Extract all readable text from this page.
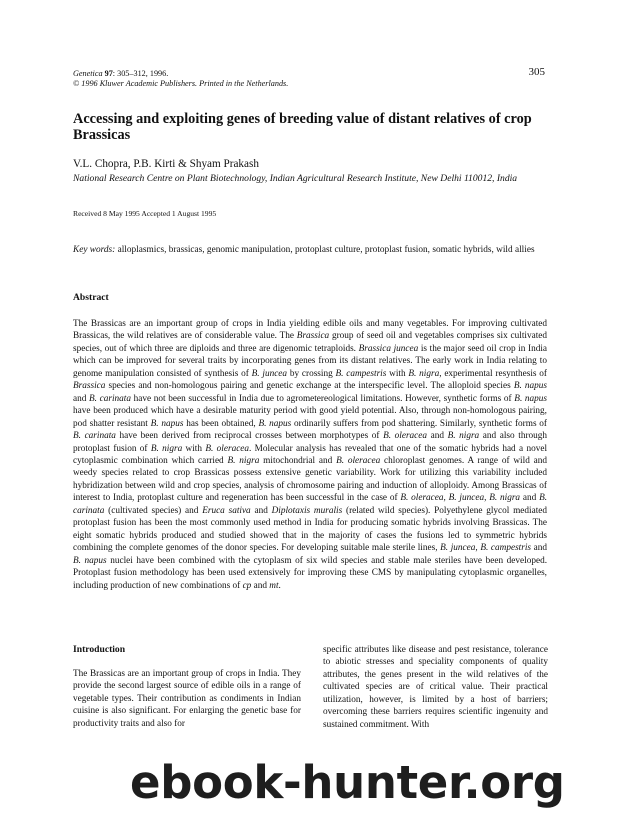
Genetica 97: 305–312, 1996.
© 1996 Kluwer Academic Publishers. Printed in the Netherlands.
305
Accessing and exploiting genes of breeding value of distant relatives of crop Brassicas
V.L. Chopra, P.B. Kirti & Shyam Prakash
National Research Centre on Plant Biotechnology, Indian Agricultural Research Institute, New Delhi 110012, India
Received 8 May 1995 Accepted 1 August 1995
Key words: alloplasmics, brassicas, genomic manipulation, protoplast culture, protoplast fusion, somatic hybrids, wild allies
Abstract

The Brassicas are an important group of crops in India yielding edible oils and many vegetables. For improving cultivated Brassicas, the wild relatives are of considerable value. The Brassica group of seed oil and vegetables comprises six cultivated species, out of which three are diploids and three are digenomic tetraploids. Brassica juncea is the major seed oil crop in India which can be improved for several traits by incorporating genes from its distant relatives. The early work in India relating to genome manipulation consisted of synthesis of B. juncea by crossing B. campestris with B. nigra, experimental resynthesis of Brassica species and non-homologous pairing and genetic exchange at the interspecific level. The alloploid species B. napus and B. carinata have not been successful in India due to agrometereological limitations. However, synthetic forms of B. napus have been produced which have a desirable maturity period with good yield potential. Also, through non-homologous pairing, pod shatter resistant B. napus has been obtained, B. napus ordinarily suffers from pod shattering. Similarly, synthetic forms of B. carinata have been derived from reciprocal crosses between morphotypes of B. oleracea and B. nigra and also through protoplast fusion of B. nigra with B. oleracea. Molecular analysis has revealed that one of the somatic hybrids had a novel cytoplasmic combination which carried B. nigra mitochondrial and B. oleracea chloroplast genomes. A range of wild and weedy species related to crop Brassicas possess extensive genetic variability. Work for utilizing this variability included hybridization between wild and crop species, analysis of chromosome pairing and induction of alloploidy. Among Brassicas of interest to India, protoplast culture and regeneration has been successful in the case of B. oleracea, B. juncea, B. nigra and B. carinata (cultivated species) and Eruca sativa and Diplotaxis muralis (related wild species). Polyethylene glycol mediated protoplast fusion has been the most commonly used method in India for producing somatic hybrids involving Brassicas. The eight somatic hybrids produced and studied showed that in the majority of cases the fusions led to symmetric hybrids combining the complete genomes of the donor species. For developing suitable male sterile lines, B. juncea, B. campestris and B. napus nuclei have been combined with the cytoplasm of six wild species and stable male steriles have been developed. Protoplast fusion methodology has been used extensively for improving these CMS by manipulating cytoplasmic organelles, including production of new combinations of cp and mt.

Introduction

The Brassicas are an important group of crops in India. They provide the second largest source of edible oils in a range of vegetable types. Their contribution as condiments in Indian cuisine is also significant. For enlarging the genetic base for productivity traits and also for

specific attributes like disease and pest resistance, tolerance to abiotic stresses and speciality components of quality attributes, the genes present in the wild relatives of the cultivated species are of critical value. Their practical utilization, however, is limited by a host of barriers; overcoming these barriers requires scientific ingenuity and sustained commitment. With

ebook-hunter.org
